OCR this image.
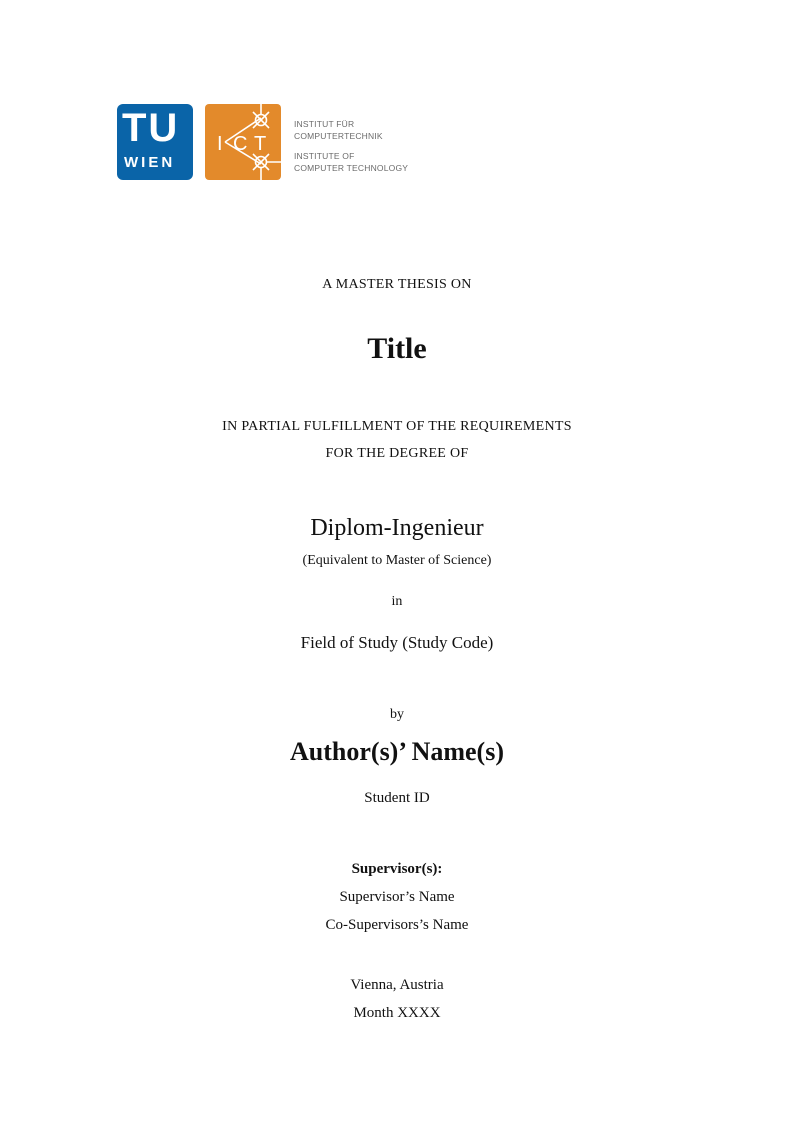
TU
WIEN
I C T
INSTITUT FÜR
COMPUTERTECHNIK
INSTITUTE OF
COMPUTER TECHNOLOGY
A MASTER THESIS ON
Title
IN PARTIAL FULFILLMENT OF THE REQUIREMENTS
FOR THE DEGREE OF
Diplom-Ingenieur
(Equivalent to Master of Science)
in
Field of Study (Study Code)
by
Author(s)’ Name(s)
Student ID
Supervisor(s):
Supervisor’s Name
Co-Supervisors’s Name
Vienna, Austria
Month XXXX
